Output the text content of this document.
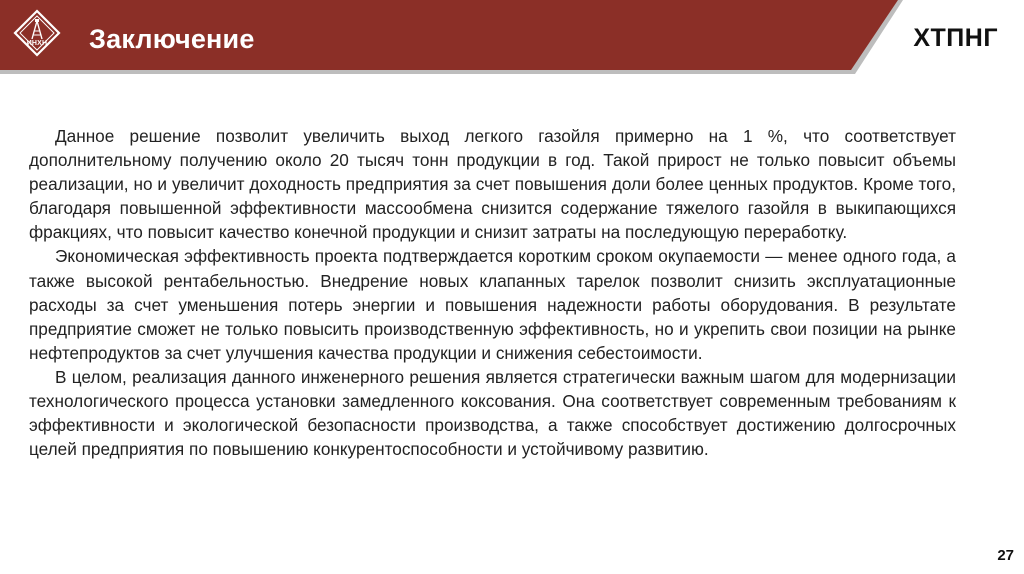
ИНХН	Заключение	ХТПНГ

Данное решение позволит увеличить выход легкого газойля примерно на 1 %, что соответствует дополнительному получению около 20 тысяч тонн продукции в год. Такой прирост не только повысит объемы реализации, но и увеличит доходность предприятия за счет повышения доли более ценных продуктов. Кроме того, благодаря повышенной эффективности массообмена снизится содержание тяжелого газойля в выкипающихся фракциях, что повысит качество конечной продукции и снизит затраты на последующую переработку.

Экономическая эффективность проекта подтверждается коротким сроком окупаемости — менее одного года, а также высокой рентабельностью. Внедрение новых клапанных тарелок позволит снизить эксплуатационные расходы за счет уменьшения потерь энергии и повышения надежности работы оборудования. В результате предприятие сможет не только повысить производственную эффективность, но и укрепить свои позиции на рынке нефтепродуктов за счет улучшения качества продукции и снижения себестоимости.

В целом, реализация данного инженерного решения является стратегически важным шагом для модернизации технологического процесса установки замедленного коксования. Она соответствует современным требованиям к эффективности и экологической безопасности производства, а также способствует достижению долгосрочных целей предприятия по повышению конкурентоспособности и устойчивому развитию.

27
